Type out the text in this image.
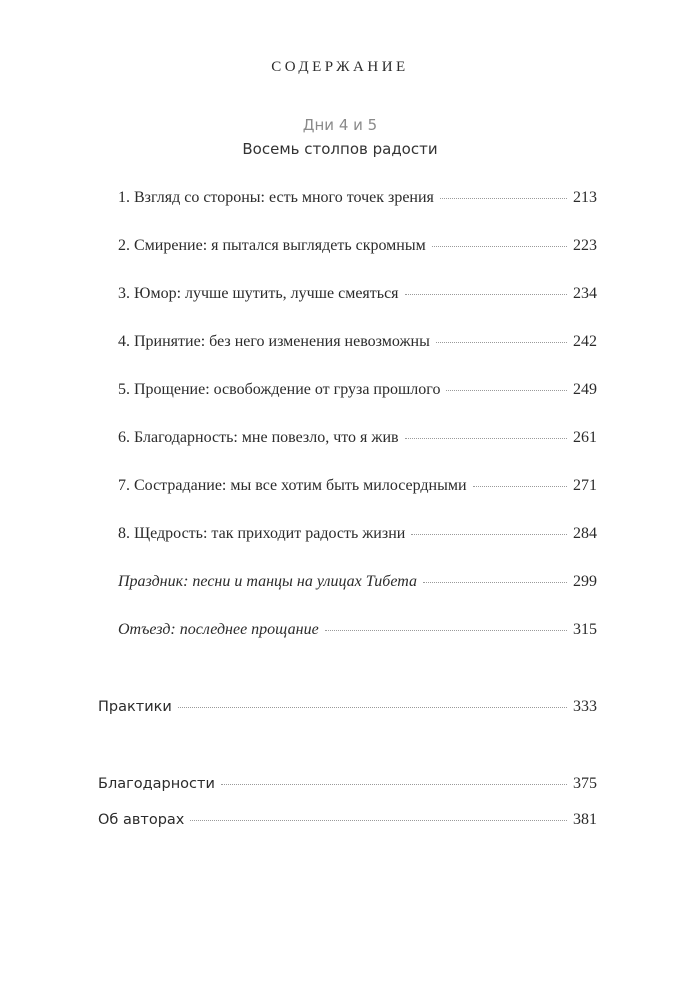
СОДЕРЖАНИЕ
Дни 4 и 5
Восемь столпов радости
1. Взгляд со стороны: есть много точек зрения	213
2. Смирение: я пытался выглядеть скромным	223
3. Юмор: лучше шутить, лучше смеяться	234
4. Принятие: без него изменения невозможны	242
5. Прощение: освобождение от груза прошлого	249
6. Благодарность: мне повезло, что я жив	261
7. Сострадание: мы все хотим быть милосердными	271
8. Щедрость: так приходит радость жизни	284
Праздник: песни и танцы на улицах Тибета	299
Отъезд: последнее прощание	315
Практики	333
Благодарности	375
Об авторах	381
